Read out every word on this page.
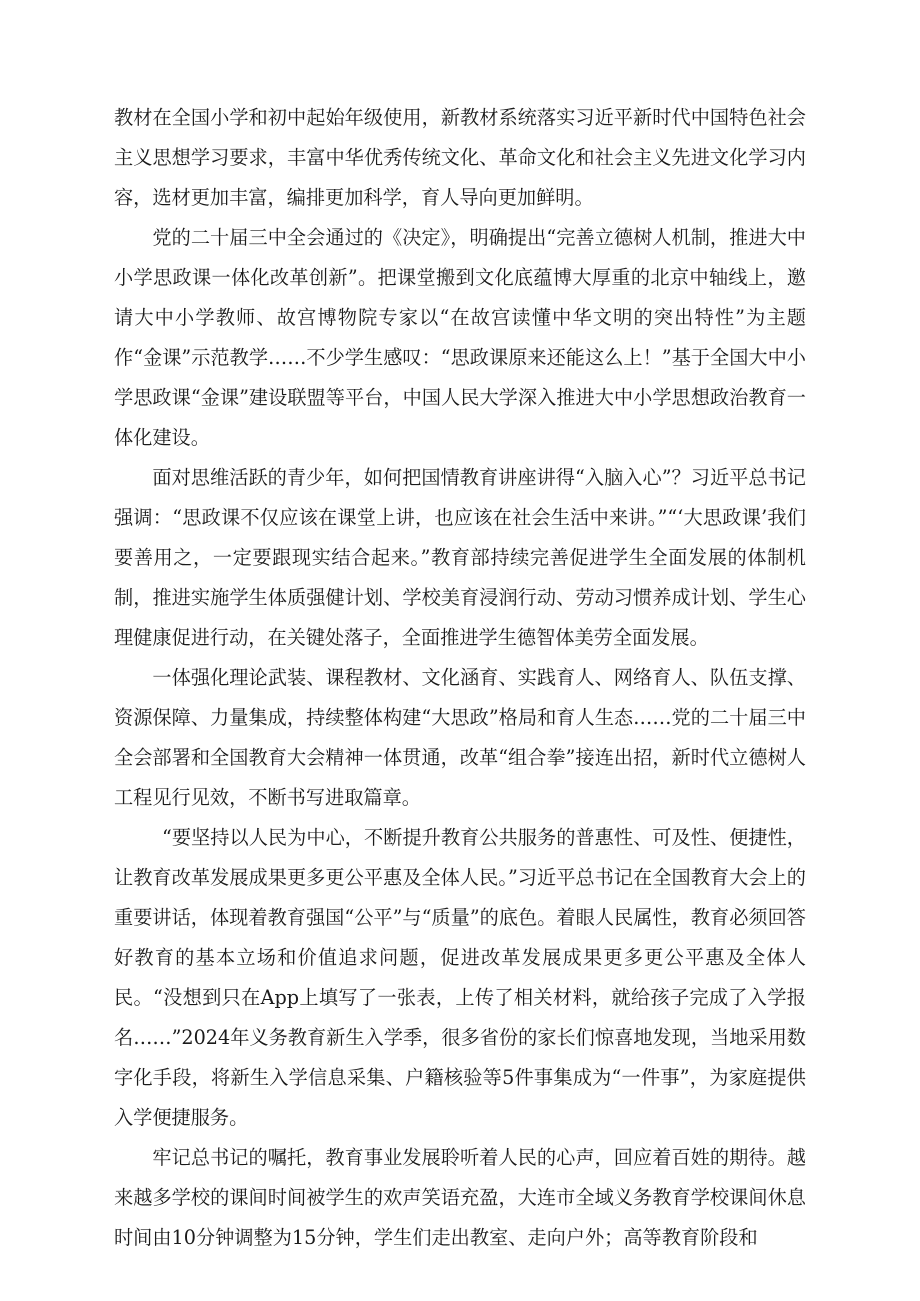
教材在全国小学和初中起始年级使用，新教材系统落实习近平新时代中国特色社会主义思想学习要求，丰富中华优秀传统文化、革命文化和社会主义先进文化学习内容，选材更加丰富，编排更加科学，育人导向更加鲜明。

党的二十届三中全会通过的《决定》，明确提出“完善立德树人机制，推进大中小学思政课一体化改革创新”。把课堂搬到文化底蕴博大厚重的北京中轴线上，邀请大中小学教师、故宫博物院专家以“在故宫读懂中华文明的突出特性”为主题作“金课”示范教学……不少学生感叹：“思政课原来还能这么上！”基于全国大中小学思政课“金课”建设联盟等平台，中国人民大学深入推进大中小学思想政治教育一体化建设。

面对思维活跃的青少年，如何把国情教育讲座讲得“入脑入心”？习近平总书记强调：“思政课不仅应该在课堂上讲，也应该在社会生活中来讲。”“‘大思政课’我们要善用之，一定要跟现实结合起来。”教育部持续完善促进学生全面发展的体制机制，推进实施学生体质强健计划、学校美育浸润行动、劳动习惯养成计划、学生心理健康促进行动，在关键处落子，全面推进学生德智体美劳全面发展。

一体强化理论武装、课程教材、文化涵育、实践育人、网络育人、队伍支撑、资源保障、力量集成，持续整体构建“大思政”格局和育人生态……党的二十届三中全会部署和全国教育大会精神一体贯通，改革“组合拳”接连出招，新时代立德树人工程见行见效，不断书写进取篇章。

“要坚持以人民为中心，不断提升教育公共服务的普惠性、可及性、便捷性，让教育改革发展成果更多更公平惠及全体人民。”习近平总书记在全国教育大会上的重要讲话，体现着教育强国“公平”与“质量”的底色。着眼人民属性，教育必须回答好教育的基本立场和价值追求问题，促进改革发展成果更多更公平惠及全体人民。“没想到只在App上填写了一张表，上传了相关材料，就给孩子完成了入学报名……”2024年义务教育新生入学季，很多省份的家长们惊喜地发现，当地采用数字化手段，将新生入学信息采集、户籍核验等5件事集成为“一件事”，为家庭提供入学便捷服务。

牢记总书记的嘱托，教育事业发展聆听着人民的心声，回应着百姓的期待。越来越多学校的课间时间被学生的欢声笑语充盈，大连市全域义务教育学校课间休息时间由10分钟调整为15分钟，学生们走出教室、走向户外；高等教育阶段和
